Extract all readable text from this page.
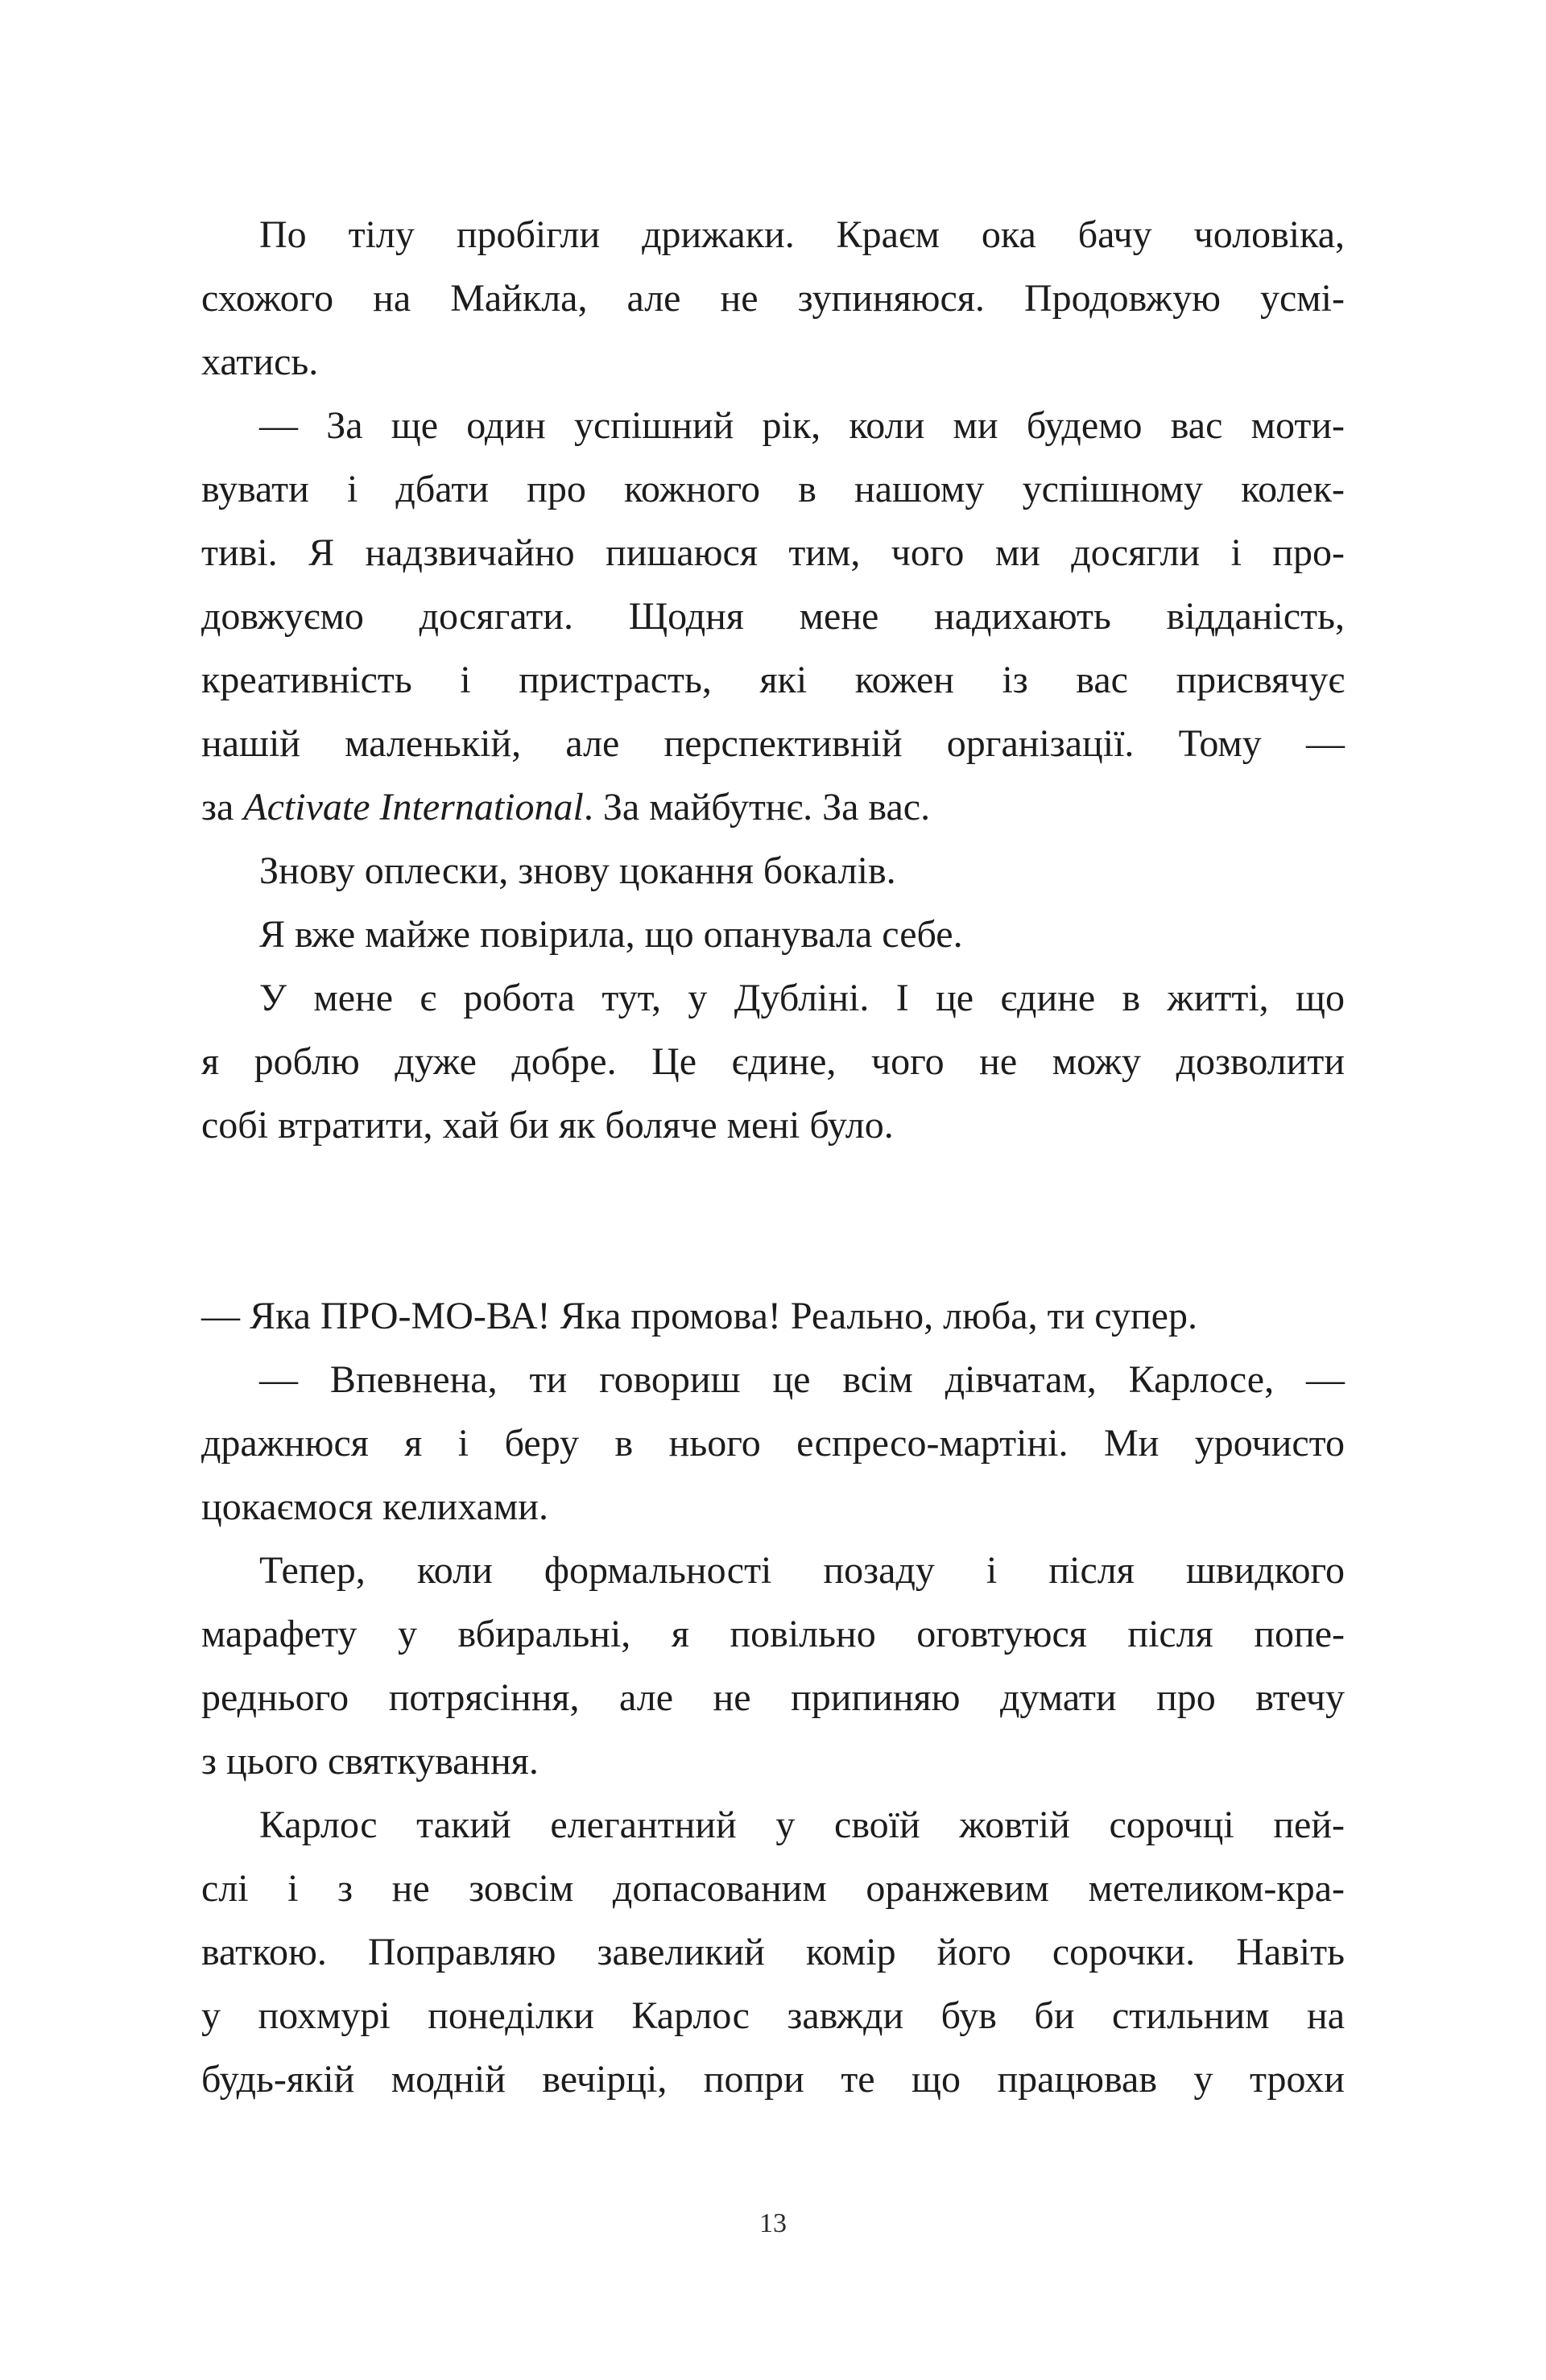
По тілу пробігли дрижаки. Краєм ока бачу чоловіка,
схожого на Майкла, але не зупиняюся. Продовжую усмі-
хатись.
— За ще один успішний рік, коли ми будемо вас моти-
вувати і дбати про кожного в нашому успішному колек-
тиві. Я надзвичайно пишаюся тим, чого ми досягли і про-
довжуємо досягати. Щодня мене надихають відданість,
креативність і пристрасть, які кожен із вас присвячує
нашій маленькій, але перспективній організації. Тому —
за Activate International. За майбутнє. За вас.
Знову оплески, знову цокання бокалів.
Я вже майже повірила, що опанувала себе.
У мене є робота тут, у Дубліні. І це єдине в житті, що
я роблю дуже добре. Це єдине, чого не можу дозволити
собі втратити, хай би як боляче мені було.
— Яка ПРО-МО-ВА! Яка промова! Реально, люба, ти супер.
— Впевнена, ти говориш це всім дівчатам, Карлосе, —
дражнюся я і беру в нього еспресо-мартіні. Ми урочисто
цокаємося келихами.
Тепер, коли формальності позаду і після швидкого
марафету у вбиральні, я повільно оговтуюся після попе-
реднього потрясіння, але не припиняю думати про втечу
з цього святкування.
Карлос такий елегантний у своїй жовтій сорочці пей-
слі і з не зовсім допасованим оранжевим метеликом-кра-
ваткою. Поправляю завеликий комір його сорочки. Навіть
у похмурі понеділки Карлос завжди був би стильним на
будь-якій модній вечірці, попри те що працював у трохи
13
